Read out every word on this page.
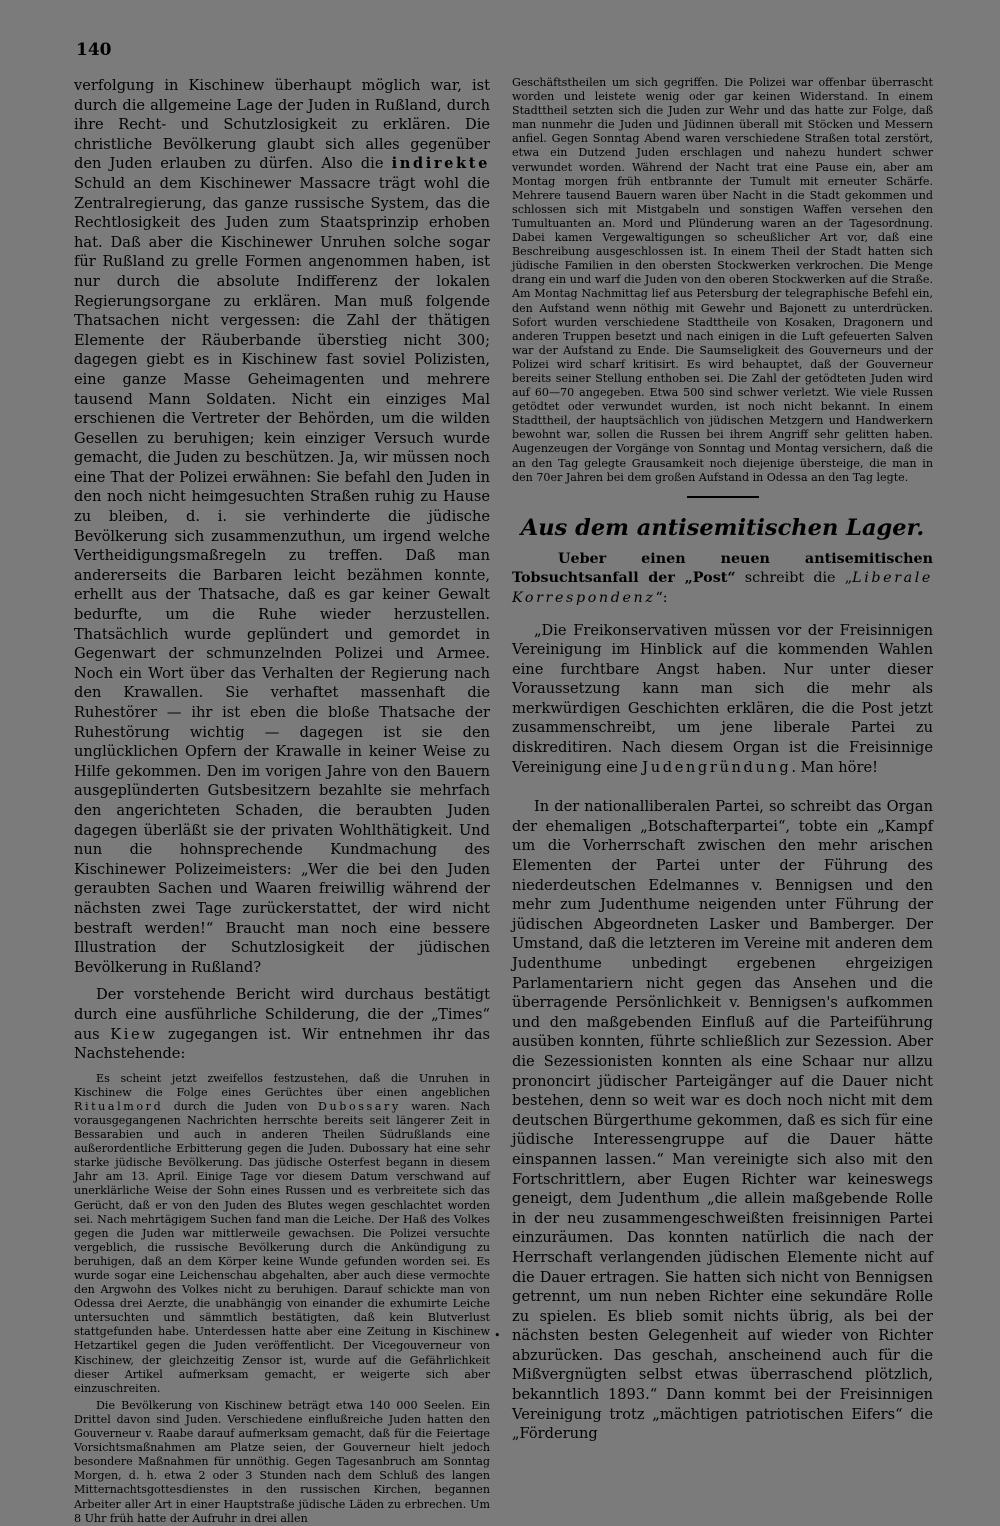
140

verfolgung in Kischinew überhaupt möglich war, ist durch die allgemeine Lage der Juden in Rußland, durch ihre Recht- und Schutzlosigkeit zu erklären. Die christliche Bevölkerung glaubt sich alles gegenüber den Juden erlauben zu dürfen. Also die indirekte Schuld an dem Kischinewer Massacre trägt wohl die Zentralregierung, das ganze russische System, das die Rechtlosigkeit des Juden zum Staatsprinzip erhoben hat. Daß aber die Kischinewer Unruhen solche sogar für Rußland zu grelle Formen angenommen haben, ist nur durch die absolute Indifferenz der lokalen Regierungsorgane zu erklären. Man muß folgende Thatsachen nicht vergessen: die Zahl der thätigen Elemente der Räuberbande überstieg nicht 300; dagegen giebt es in Kischinew fast soviel Polizisten, eine ganze Masse Geheimagenten und mehrere tausend Mann Soldaten. Nicht ein einziges Mal erschienen die Vertreter der Behörden, um die wilden Gesellen zu beruhigen; kein einziger Versuch wurde gemacht, die Juden zu beschützen. Ja, wir müssen noch eine That der Polizei erwähnen: Sie befahl den Juden in den noch nicht heimgesuchten Straßen ruhig zu Hause zu bleiben, d. i. sie verhinderte die jüdische Bevölkerung sich zusammenzuthun, um irgend welche Vertheidigungsmaßregeln zu treffen. Daß man andererseits die Barbaren leicht bezähmen konnte, erhellt aus der Thatsache, daß es gar keiner Gewalt bedurfte, um die Ruhe wieder herzustellen. Thatsächlich wurde geplündert und gemordet in Gegenwart der schmunzelnden Polizei und Armee. Noch ein Wort über das Verhalten der Regierung nach den Krawallen. Sie verhaftet massenhaft die Ruhestörer — ihr ist eben die bloße Thatsache der Ruhestörung wichtig — dagegen ist sie den unglücklichen Opfern der Krawalle in keiner Weise zu Hilfe gekommen. Den im vorigen Jahre von den Bauern ausgeplünderten Gutsbesitzern bezahlte sie mehrfach den angerichteten Schaden, die beraubten Juden dagegen überläßt sie der privaten Wohlthätigkeit. Und nun die hohnsprechende Kundmachung des Kischinewer Polizeimeisters: „Wer die bei den Juden geraubten Sachen und Waaren freiwillig während der nächsten zwei Tage zurückerstattet, der wird nicht bestraft werden!“ Braucht man noch eine bessere Illustration der Schutzlosigkeit der jüdischen Bevölkerung in Rußland?

Der vorstehende Bericht wird durchaus bestätigt durch eine ausführliche Schilderung, die der „Times“ aus Kiew zugegangen ist. Wir entnehmen ihr das Nachstehende:

Es scheint jetzt zweifellos festzustehen, daß die Unruhen in Kischinew die Folge eines Gerüchtes über einen angeblichen Ritualmord durch die Juden von Dubossary waren. Nach vorausgegangenen Nachrichten herrschte bereits seit längerer Zeit in Bessarabien und auch in anderen Theilen Südrußlands eine außerordentliche Erbitterung gegen die Juden. Dubossary hat eine sehr starke jüdische Bevölkerung. Das jüdische Osterfest begann in diesem Jahr am 13. April. Einige Tage vor diesem Datum verschwand auf unerklärliche Weise der Sohn eines Russen und es verbreitete sich das Gerücht, daß er von den Juden des Blutes wegen geschlachtet worden sei. Nach mehrtägigem Suchen fand man die Leiche. Der Haß des Volkes gegen die Juden war mittlerweile gewachsen. Die Polizei versuchte vergeblich, die russische Bevölkerung durch die Ankündigung zu beruhigen, daß an dem Körper keine Wunde gefunden worden sei. Es wurde sogar eine Leichenschau abgehalten, aber auch diese vermochte den Argwohn des Volkes nicht zu beruhigen. Darauf schickte man von Odessa drei Aerzte, die unabhängig von einander die exhumirte Leiche untersuchten und sämmtlich bestätigten, daß kein Blutverlust stattgefunden habe. Unterdessen hatte aber eine Zeitung in Kischinew Hetzartikel gegen die Juden veröffentlicht. Der Vicegouverneur von Kischinew, der gleichzeitig Zensor ist, wurde auf die Gefährlichkeit dieser Artikel aufmerksam gemacht, er weigerte sich aber einzuschreiten.

Die Bevölkerung von Kischinew beträgt etwa 140 000 Seelen. Ein Drittel davon sind Juden. Verschiedene einflußreiche Juden hatten den Gouverneur v. Raabe darauf aufmerksam gemacht, daß für die Feiertage Vorsichtsmaßnahmen am Platze seien, der Gouverneur hielt jedoch besondere Maßnahmen für unnöthig. Gegen Tagesanbruch am Sonntag Morgen, d. h. etwa 2 oder 3 Stunden nach dem Schluß des langen Mitternachtsgottesdienstes in den russischen Kirchen, begannen Arbeiter aller Art in einer Hauptstraße jüdische Läden zu erbrechen. Um 8 Uhr früh hatte der Aufruhr in drei allen

Geschäftstheilen um sich gegriffen. Die Polizei war offenbar überrascht worden und leistete wenig oder gar keinen Widerstand. In einem Stadttheil setzten sich die Juden zur Wehr und das hatte zur Folge, daß man nunmehr die Juden und Jüdinnen überall mit Stöcken und Messern anfiel. Gegen Sonntag Abend waren verschiedene Straßen total zerstört, etwa ein Dutzend Juden erschlagen und nahezu hundert schwer verwundet worden. Während der Nacht trat eine Pause ein, aber am Montag morgen früh entbrannte der Tumult mit erneuter Schärfe. Mehrere tausend Bauern waren über Nacht in die Stadt gekommen und schlossen sich mit Mistgabeln und sonstigen Waffen versehen den Tumultuanten an. Mord und Plünderung waren an der Tagesordnung. Dabei kamen Vergewaltigungen so scheußlicher Art vor, daß eine Beschreibung ausgeschlossen ist. In einem Theil der Stadt hatten sich jüdische Familien in den obersten Stockwerken verkrochen. Die Menge drang ein und warf die Juden von den oberen Stockwerken auf die Straße. Am Montag Nachmittag lief aus Petersburg der telegraphische Befehl ein, den Aufstand wenn nöthig mit Gewehr und Bajonett zu unterdrücken. Sofort wurden verschiedene Stadttheile von Kosaken, Dragonern und anderen Truppen besetzt und nach einigen in die Luft gefeuerten Salven war der Aufstand zu Ende. Die Saumseligkeit des Gouverneurs und der Polizei wird scharf kritisirt. Es wird behauptet, daß der Gouverneur bereits seiner Stellung enthoben sei. Die Zahl der getödteten Juden wird auf 60—70 angegeben. Etwa 500 sind schwer verletzt. Wie viele Russen getödtet oder verwundet wurden, ist noch nicht bekannt. In einem Stadttheil, der hauptsächlich von jüdischen Metzgern und Handwerkern bewohnt war, sollen die Russen bei ihrem Angriff sehr gelitten haben. Augenzeugen der Vorgänge von Sonntag und Montag versichern, daß die an den Tag gelegte Grausamkeit noch diejenige übersteige, die man in den 70er Jahren bei dem großen Aufstand in Odessa an den Tag legte.

Aus dem antisemitischen Lager.

Ueber einen neuen antisemitischen Tobsuchtsanfall der „Post“ schreibt die „Liberale Korrespondenz“:

„Die Freikonservativen müssen vor der Freisinnigen Vereinigung im Hinblick auf die kommenden Wahlen eine furchtbare Angst haben. Nur unter dieser Voraussetzung kann man sich die mehr als merkwürdigen Geschichten erklären, die die Post jetzt zusammenschreibt, um jene liberale Partei zu diskreditiren. Nach diesem Organ ist die Freisinnige Vereinigung eine Judengründung. Man höre!

In der nationalliberalen Partei, so schreibt das Organ der ehemaligen „Botschafterpartei“, tobte ein „Kampf um die Vorherrschaft zwischen den mehr arischen Elementen der Partei unter der Führung des niederdeutschen Edelmannes v. Bennigsen und den mehr zum Judenthume neigenden unter Führung der jüdischen Abgeordneten Lasker und Bamberger. Der Umstand, daß die letzteren im Vereine mit anderen dem Judenthume unbedingt ergebenen ehrgeizigen Parlamentariern nicht gegen das Ansehen und die überragende Persönlichkeit v. Bennigsen's aufkommen und den maßgebenden Einfluß auf die Parteiführung ausüben konnten, führte schließlich zur Sezession. Aber die Sezessionisten konnten als eine Schaar nur allzu prononcirt jüdischer Parteigänger auf die Dauer nicht bestehen, denn so weit war es doch noch nicht mit dem deutschen Bürgerthume gekommen, daß es sich für eine jüdische Interessengruppe auf die Dauer hätte einspannen lassen.“ Man vereinigte sich also mit den Fortschrittlern, aber Eugen Richter war keineswegs geneigt, dem Judenthum „die allein maßgebende Rolle in der neu zusammengeschweißten freisinnigen Partei einzuräumen. Das konnten natürlich die nach der Herrschaft verlangenden jüdischen Elemente nicht auf die Dauer ertragen. Sie hatten sich nicht von Bennigsen getrennt, um nun neben Richter eine sekundäre Rolle zu spielen. Es blieb somit nichts übrig, als bei der nächsten besten Gelegenheit auf wieder von Richter abzurücken. Das geschah, anscheinend auch für die Mißvergnügten selbst etwas überraschend plötzlich, bekanntlich 1893.“ Dann kommt bei der Freisinnigen Vereinigung trotz „mächtigen patriotischen Eifers“ die „Förderung

•
